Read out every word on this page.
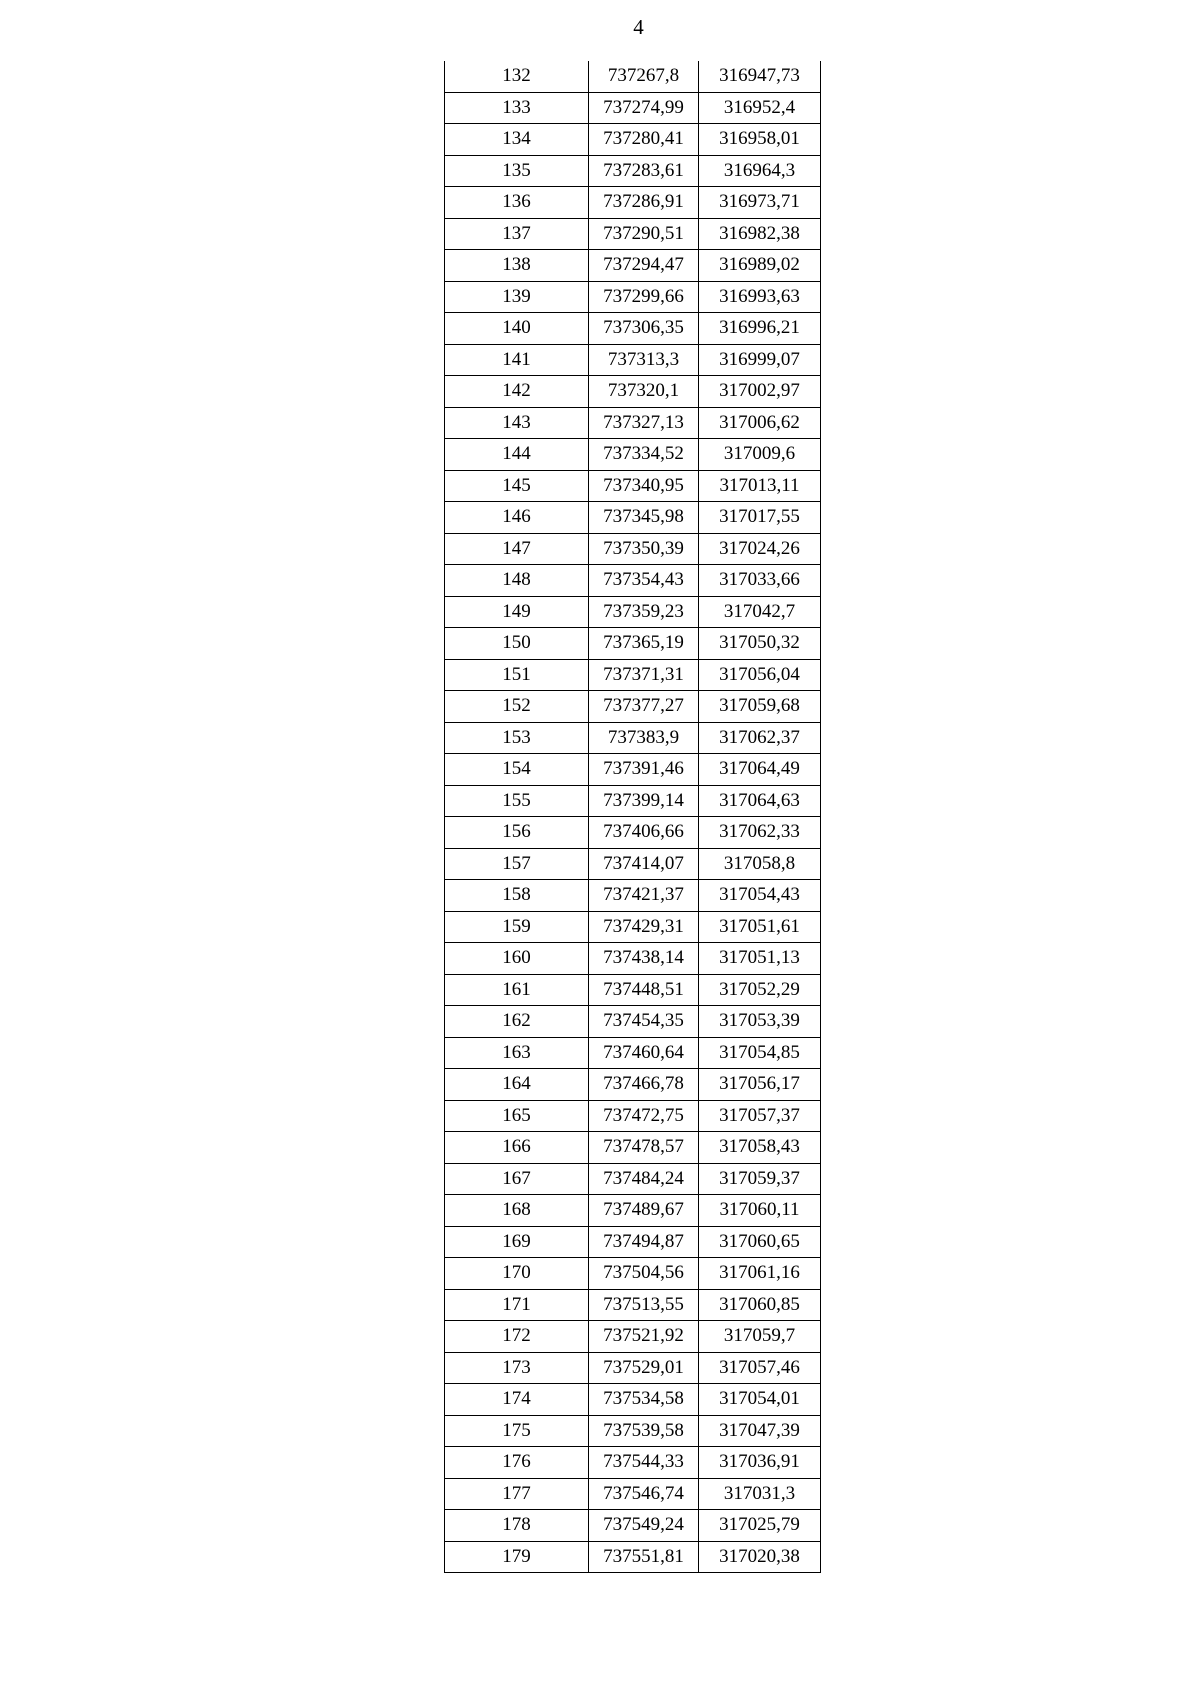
4
132	737267,8	316947,73
133	737274,99	316952,4
134	737280,41	316958,01
135	737283,61	316964,3
136	737286,91	316973,71
137	737290,51	316982,38
138	737294,47	316989,02
139	737299,66	316993,63
140	737306,35	316996,21
141	737313,3	316999,07
142	737320,1	317002,97
143	737327,13	317006,62
144	737334,52	317009,6
145	737340,95	317013,11
146	737345,98	317017,55
147	737350,39	317024,26
148	737354,43	317033,66
149	737359,23	317042,7
150	737365,19	317050,32
151	737371,31	317056,04
152	737377,27	317059,68
153	737383,9	317062,37
154	737391,46	317064,49
155	737399,14	317064,63
156	737406,66	317062,33
157	737414,07	317058,8
158	737421,37	317054,43
159	737429,31	317051,61
160	737438,14	317051,13
161	737448,51	317052,29
162	737454,35	317053,39
163	737460,64	317054,85
164	737466,78	317056,17
165	737472,75	317057,37
166	737478,57	317058,43
167	737484,24	317059,37
168	737489,67	317060,11
169	737494,87	317060,65
170	737504,56	317061,16
171	737513,55	317060,85
172	737521,92	317059,7
173	737529,01	317057,46
174	737534,58	317054,01
175	737539,58	317047,39
176	737544,33	317036,91
177	737546,74	317031,3
178	737549,24	317025,79
179	737551,81	317020,38
